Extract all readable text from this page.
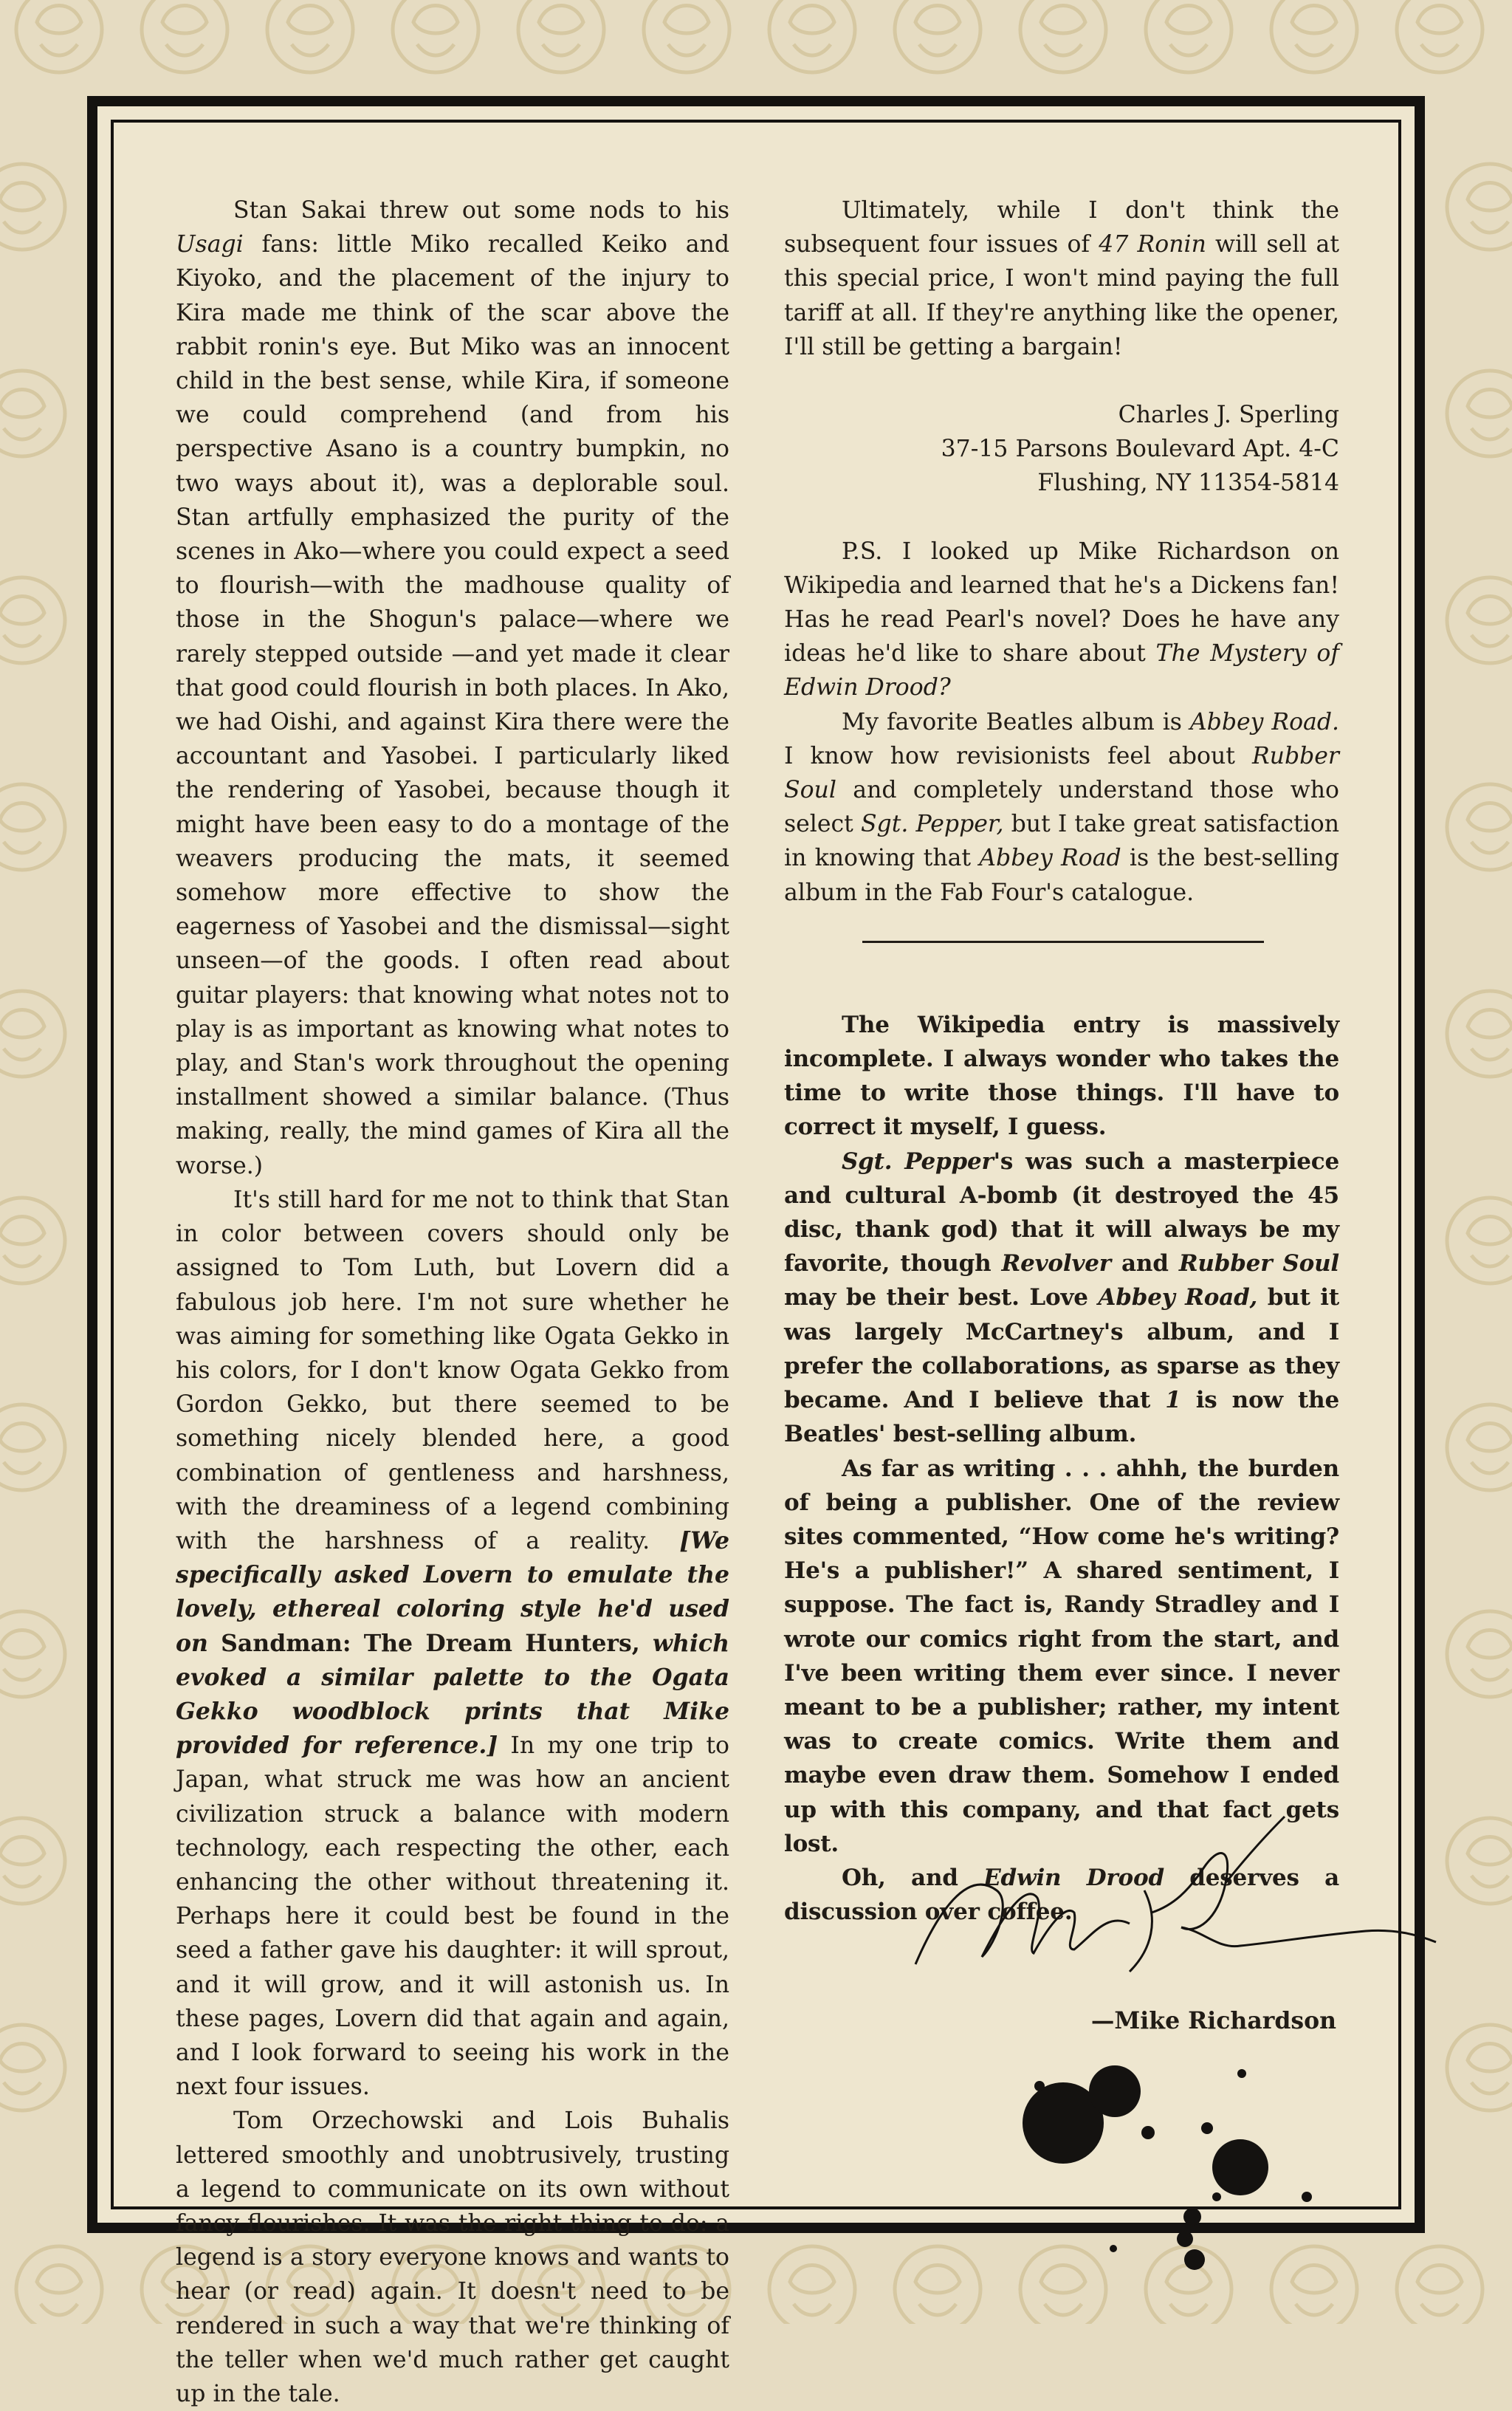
Stan Sakai threw out some nods to his Usagi fans: little Miko recalled Keiko and Kiyoko, and the placement of the injury to Kira made me think of the scar above the rabbit ronin's eye. But Miko was an innocent child in the best sense, while Kira, if someone we could comprehend (and from his perspective Asano is a country bumpkin, no two ways about it), was a deplorable soul. Stan artfully emphasized the purity of the scenes in Ako—where you could expect a seed to flourish—with the madhouse quality of those in the Shogun's palace—where we rarely stepped outside —and yet made it clear that good could flourish in both places. In Ako, we had Oishi, and against Kira there were the accountant and Yasobei. I particularly liked the rendering of Yasobei, because though it might have been easy to do a montage of the weavers producing the mats, it seemed somehow more effective to show the eagerness of Yasobei and the dismissal—sight unseen—of the goods. I often read about guitar players: that knowing what notes not to play is as important as knowing what notes to play, and Stan's work throughout the opening installment showed a similar balance. (Thus making, really, the mind games of Kira all the worse.)

It's still hard for me not to think that Stan in color between covers should only be assigned to Tom Luth, but Lovern did a fabulous job here. I'm not sure whether he was aiming for something like Ogata Gekko in his colors, for I don't know Ogata Gekko from Gordon Gekko, but there seemed to be something nicely blended here, a good combination of gentleness and harshness, with the dreaminess of a legend combining with the harshness of a reality. [We specifically asked Lovern to emulate the lovely, ethereal coloring style he'd used on Sandman: The Dream Hunters, which evoked a similar palette to the Ogata Gekko woodblock prints that Mike provided for reference.] In my one trip to Japan, what struck me was how an ancient civilization struck a balance with modern technology, each respecting the other, each enhancing the other without threatening it. Perhaps here it could best be found in the seed a father gave his daughter: it will sprout, and it will grow, and it will astonish us. In these pages, Lovern did that again and again, and I look forward to seeing his work in the next four issues.

Tom Orzechowski and Lois Buhalis lettered smoothly and unobtrusively, trusting a legend to communicate on its own without fancy flourishes. It was the right thing to do: a legend is a story everyone knows and wants to hear (or read) again. It doesn't need to be rendered in such a way that we're thinking of the teller when we'd much rather get caught up in the tale.

Ultimately, while I don't think the subsequent four issues of 47 Ronin will sell at this special price, I won't mind paying the full tariff at all. If they're anything like the opener, I'll still be getting a bargain!

Charles J. Sperling
37-15 Parsons Boulevard Apt. 4-C
Flushing, NY 11354-5814

P.S. I looked up Mike Richardson on Wikipedia and learned that he's a Dickens fan! Has he read Pearl's novel? Does he have any ideas he'd like to share about The Mystery of Edwin Drood?

My favorite Beatles album is Abbey Road. I know how revisionists feel about Rubber Soul and completely understand those who select Sgt. Pepper, but I take great satisfaction in knowing that Abbey Road is the best-selling album in the Fab Four's catalogue.

The Wikipedia entry is massively incomplete. I always wonder who takes the time to write those things. I'll have to correct it myself, I guess.

Sgt. Pepper's was such a masterpiece and cultural A-bomb (it destroyed the 45 disc, thank god) that it will always be my favorite, though Revolver and Rubber Soul may be their best. Love Abbey Road, but it was largely McCartney's album, and I prefer the collaborations, as sparse as they became. And I believe that 1 is now the Beatles' best-selling album.

As far as writing . . . ahhh, the burden of being a publisher. One of the review sites commented, “How come he's writing? He's a publisher!” A shared sentiment, I suppose. The fact is, Randy Stradley and I wrote our comics right from the start, and I've been writing them ever since. I never meant to be a publisher; rather, my intent was to create comics. Write them and maybe even draw them. Somehow I ended up with this company, and that fact gets lost.

Oh, and Edwin Drood deserves a discussion over coffee.

—Mike Richardson
